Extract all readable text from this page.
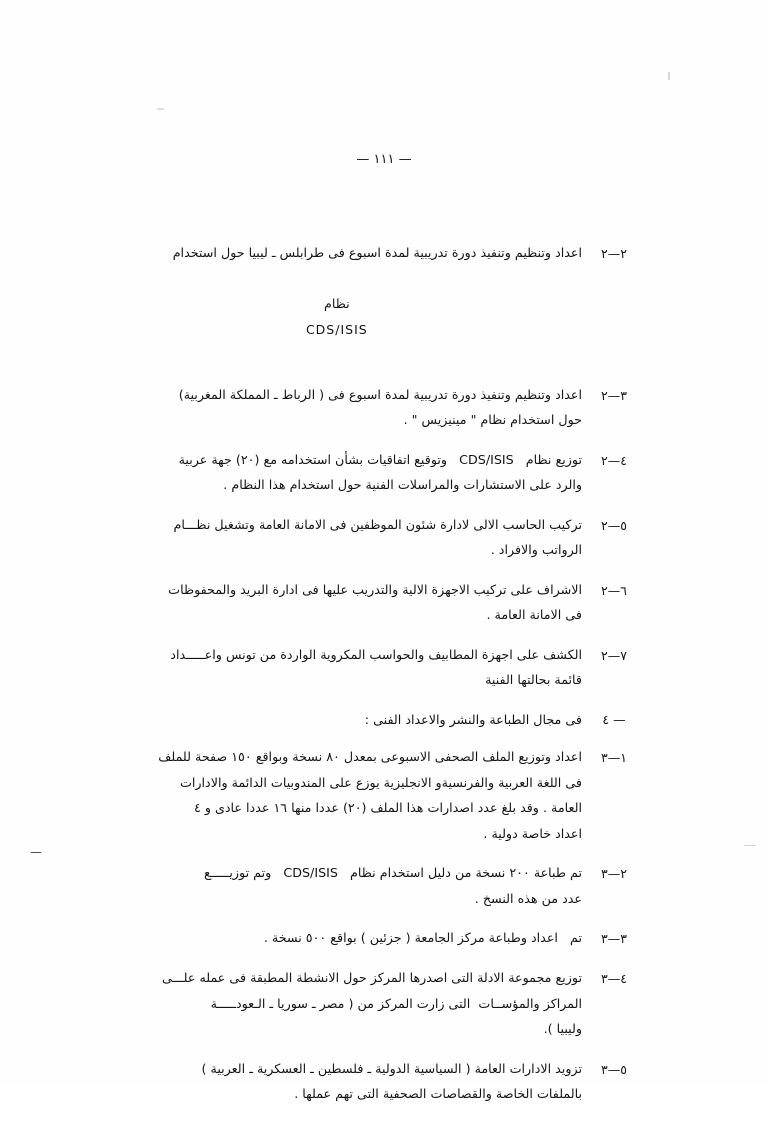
— ١١١ —
—
٢—٢
اعداد وتنظيم وتنفيذ دورة تدريبية لمدة اسبوع فى طرابلس ـ ليبيا حول استخدام

نظام
CDS/ISIS

٣—٢
اعداد وتنظيم وتنفيذ دورة تدريبية لمدة اسبوع فى ( الرباط ـ المملكة المغربية)
حول استخدام نظام " مينيزيس " .
٤—٢
توزيع نظام   CDS/ISIS   وتوقيع اتفاقيات بشأن استخدامه مع (٢٠) جهة عربية
والرد على الاستشارات والمراسلات الفنية حول استخدام هذا النظام .
٥—٢
تركيب الحاسب الالى لادارة شئون الموظفين فى الامانة العامة وتشغيل نظـــام
الرواتب والافراد .
٦—٢
الاشراف على تركيب الاجهزة الالية والتدريب عليها فى ادارة البريد والمحفوظات
فى الامانة العامة .
٧—٢
الكشف على اجهزة المطابيف والحواسب المكروية الواردة من تونس واعـــــداد
قائمة بحالتها الفنية
٤ —
فى مجال الطباعة والنشر والاعداد الفنى :
١—٣
اعداد وتوزيع الملف الصحفى الاسبوعى بمعدل ٨٠ نسخة وبواقع ١٥٠ صفحة للملف
فى اللغة العربية والفرنسيةو الانجليزية يوزع على المندوبيات الدائمة والادارات
العامة . وقد بلغ عدد اصدارات هذا الملف (٢٠) عددا منها ١٦ عددا عادى و ٤
اعداد خاصة دولية .
٢—٣
تم طباعة ٢٠٠ نسخة من دليل استخدام نظام   CDS/ISIS   وتم توزيـــــع
عدد من هذه النسخ .
٣—٣
تم   اعداد وطباعة مركز الجامعة ( جزئين ) بواقع ٥٠٠ نسخة .
٤—٣
توزيع مجموعة الادلة التى اصدرها المركز حول الانشطة المطبقة فى عمله علـــى
المراكز والمؤســات  التى زارت المركز من ( مصر ـ سوريا ـ الـعودـــــة
وليبيا ).
٥—٣
تزويد الادارات العامة ( السياسية الدولية ـ فلسطين ـ العسكرية ـ العربية )
بالملفات الخاصة والقصاصات الصحفية التى تهم عملها .
